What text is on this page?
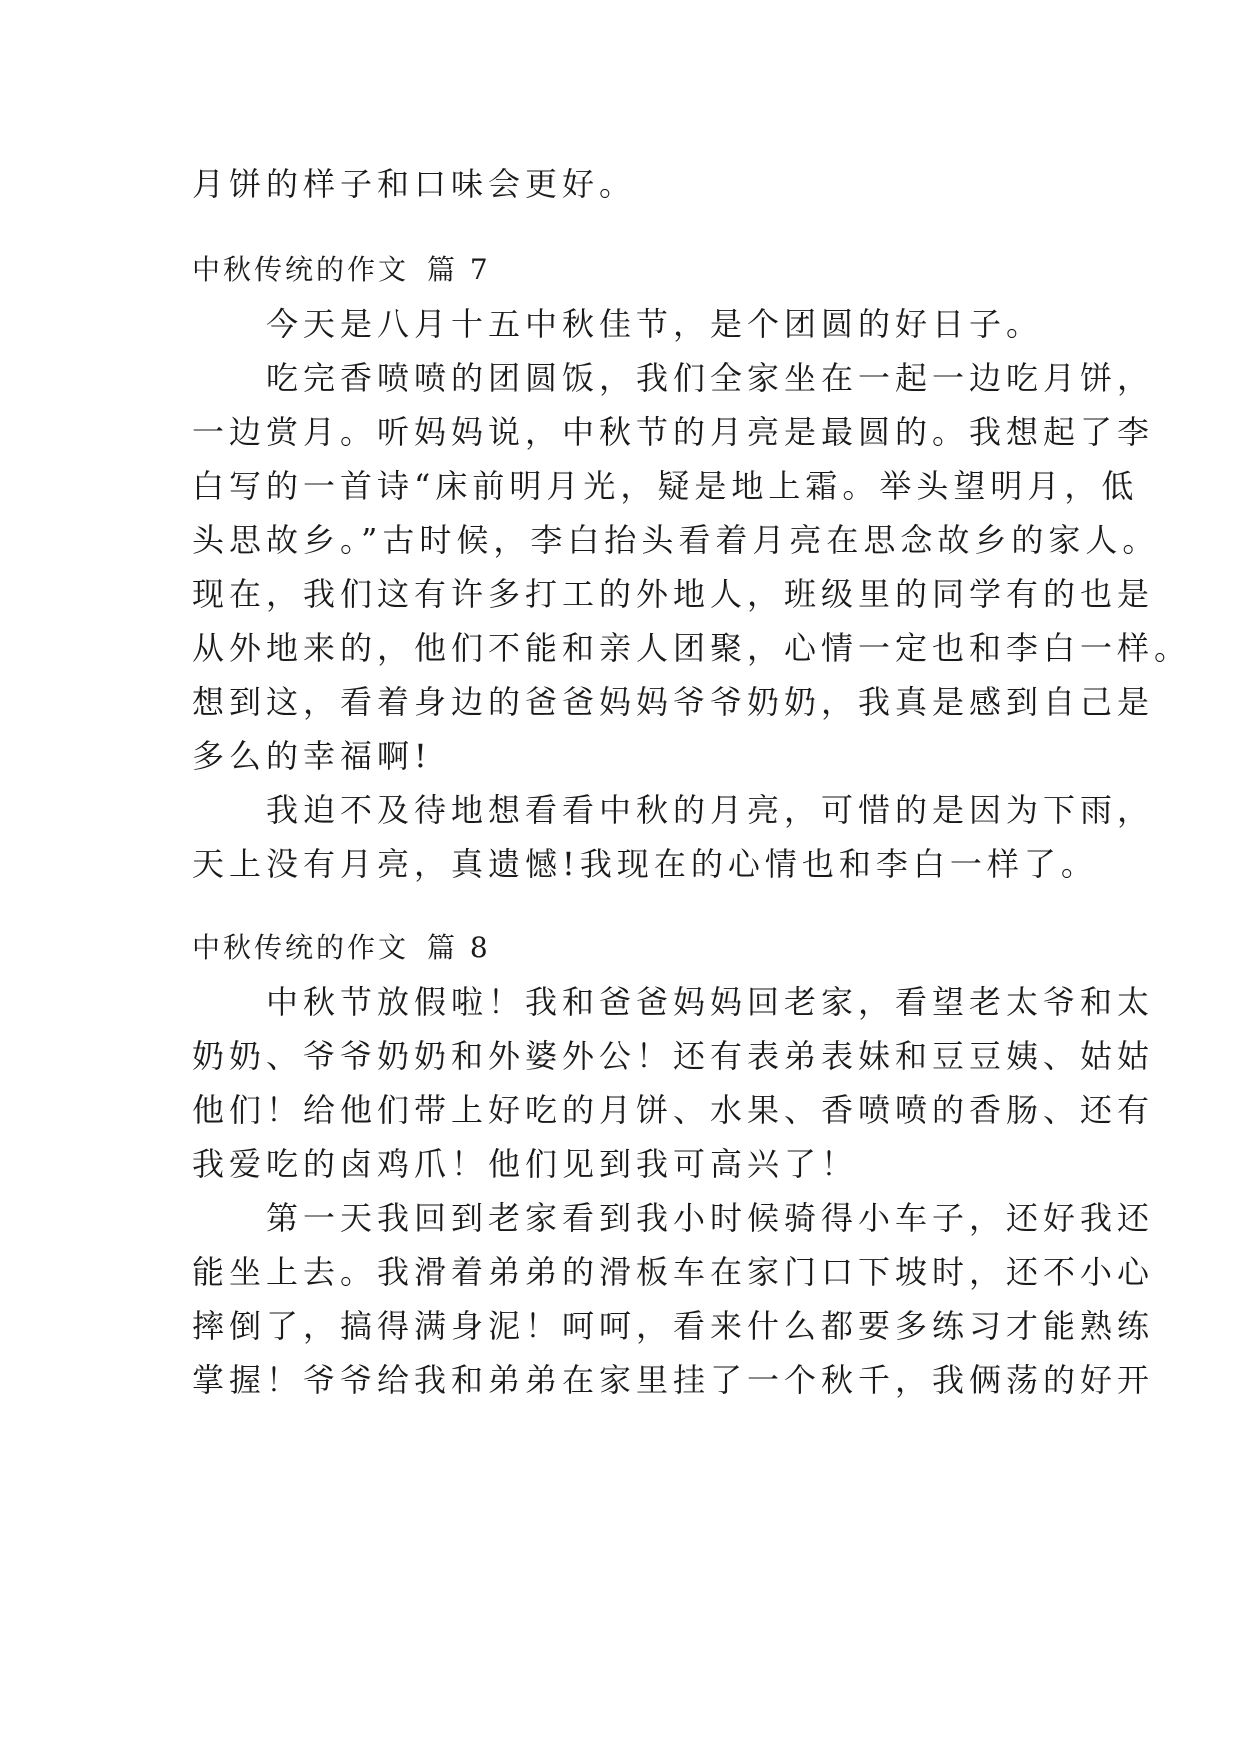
月饼的样子和口味会更好。
中秋传统的作文 篇 7
　　今天是八月十五中秋佳节，是个团圆的好日子。
　　吃完香喷喷的团圆饭，我们全家坐在一起一边吃月饼，
一边赏月。听妈妈说，中秋节的月亮是最圆的。我想起了李
白写的一首诗“床前明月光，疑是地上霜。举头望明月，低
头思故乡。”古时候，李白抬头看着月亮在思念故乡的家人。
现在，我们这有许多打工的外地人，班级里的同学有的也是
从外地来的，他们不能和亲人团聚，心情一定也和李白一样。
想到这，看着身边的爸爸妈妈爷爷奶奶，我真是感到自己是
多么的幸福啊!
　　我迫不及待地想看看中秋的月亮，可惜的是因为下雨，
天上没有月亮，真遗憾!我现在的心情也和李白一样了。
中秋传统的作文 篇 8
　　中秋节放假啦！我和爸爸妈妈回老家，看望老太爷和太
奶奶、爷爷奶奶和外婆外公！还有表弟表妹和豆豆姨、姑姑
他们！给他们带上好吃的月饼、水果、香喷喷的香肠、还有
我爱吃的卤鸡爪！他们见到我可高兴了！
　　第一天我回到老家看到我小时候骑得小车子，还好我还
能坐上去。我滑着弟弟的滑板车在家门口下坡时，还不小心
摔倒了，搞得满身泥！呵呵，看来什么都要多练习才能熟练
掌握！爷爷给我和弟弟在家里挂了一个秋千，我俩荡的好开
